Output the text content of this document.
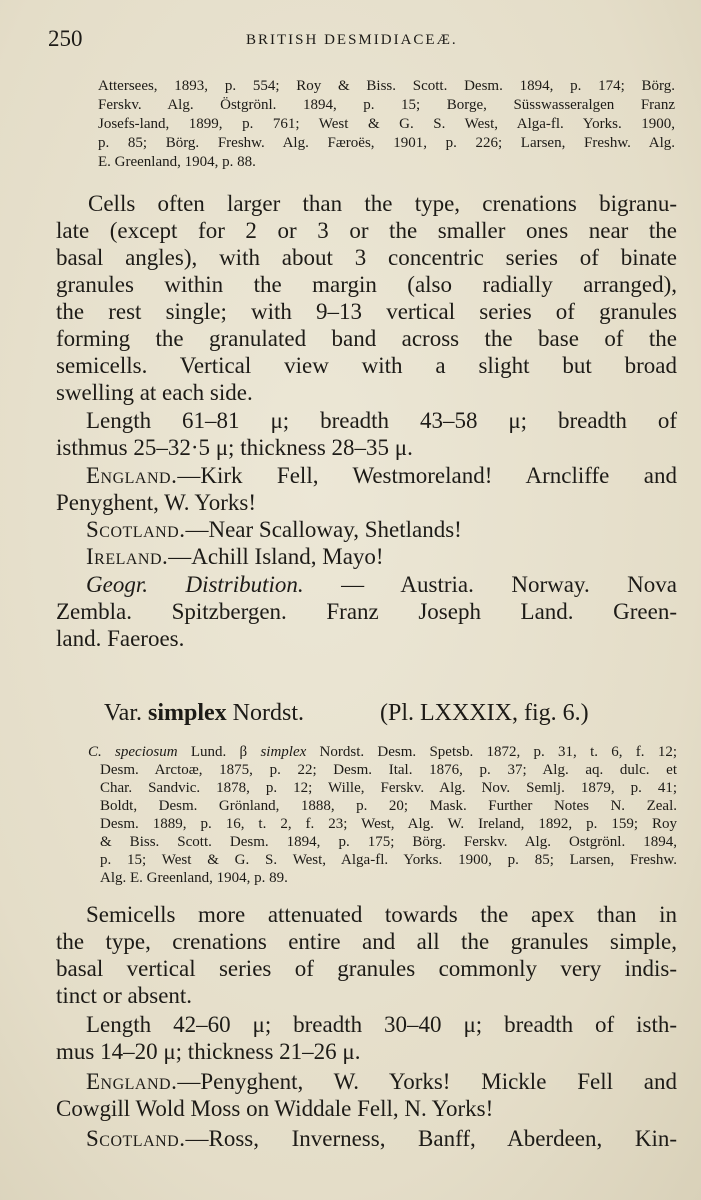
250	BRITISH DESMIDIACEÆ.
Attersees, 1893, p. 554; Roy & Biss. Scott. Desm. 1894, p. 174; Börg.
Ferskv. Alg. Östgrönl. 1894, p. 15; Borge, Süsswasseralgen Franz
Josefs-land, 1899, p. 761; West & G. S. West, Alga-fl. Yorks. 1900,
p. 85; Börg. Freshw. Alg. Færoës, 1901, p. 226; Larsen, Freshw. Alg.
E. Greenland, 1904, p. 88.
Cells often larger than the type, crenations bigranu-
late (except for 2 or 3 or the smaller ones near the
basal angles), with about 3 concentric series of binate
granules within the margin (also radially arranged),
the rest single; with 9–13 vertical series of granules
forming the granulated band across the base of the
semicells. Vertical view with a slight but broad
swelling at each side.
Length 61–81 μ; breadth 43–58 μ; breadth of
isthmus 25–32·5 μ; thickness 28–35 μ.
England.—Kirk Fell, Westmoreland! Arncliffe and
Penyghent, W. Yorks!
Scotland.—Near Scalloway, Shetlands!
Ireland.—Achill Island, Mayo!
Geogr. Distribution. — Austria. Norway. Nova
Zembla. Spitzbergen. Franz Joseph Land. Green-
land. Faeroes.
Var. simplex Nordst.	(Pl. LXXXIX, fig. 6.)
C. speciosum Lund. β simplex Nordst. Desm. Spetsb. 1872, p. 31, t. 6, f. 12;
Desm. Arctoæ, 1875, p. 22; Desm. Ital. 1876, p. 37; Alg. aq. dulc. et
Char. Sandvic. 1878, p. 12; Wille, Ferskv. Alg. Nov. Semlj. 1879, p. 41;
Boldt, Desm. Grönland, 1888, p. 20; Mask. Further Notes N. Zeal.
Desm. 1889, p. 16, t. 2, f. 23; West, Alg. W. Ireland, 1892, p. 159; Roy
& Biss. Scott. Desm. 1894, p. 175; Börg. Ferskv. Alg. Ostgrönl. 1894,
p. 15; West & G. S. West, Alga-fl. Yorks. 1900, p. 85; Larsen, Freshw.
Alg. E. Greenland, 1904, p. 89.
Semicells more attenuated towards the apex than in
the type, crenations entire and all the granules simple,
basal vertical series of granules commonly very indis-
tinct or absent.
Length 42–60 μ; breadth 30–40 μ; breadth of isth-
mus 14–20 μ; thickness 21–26 μ.
England.—Penyghent, W. Yorks! Mickle Fell and
Cowgill Wold Moss on Widdale Fell, N. Yorks!
Scotland.—Ross, Inverness, Banff, Aberdeen, Kin-
